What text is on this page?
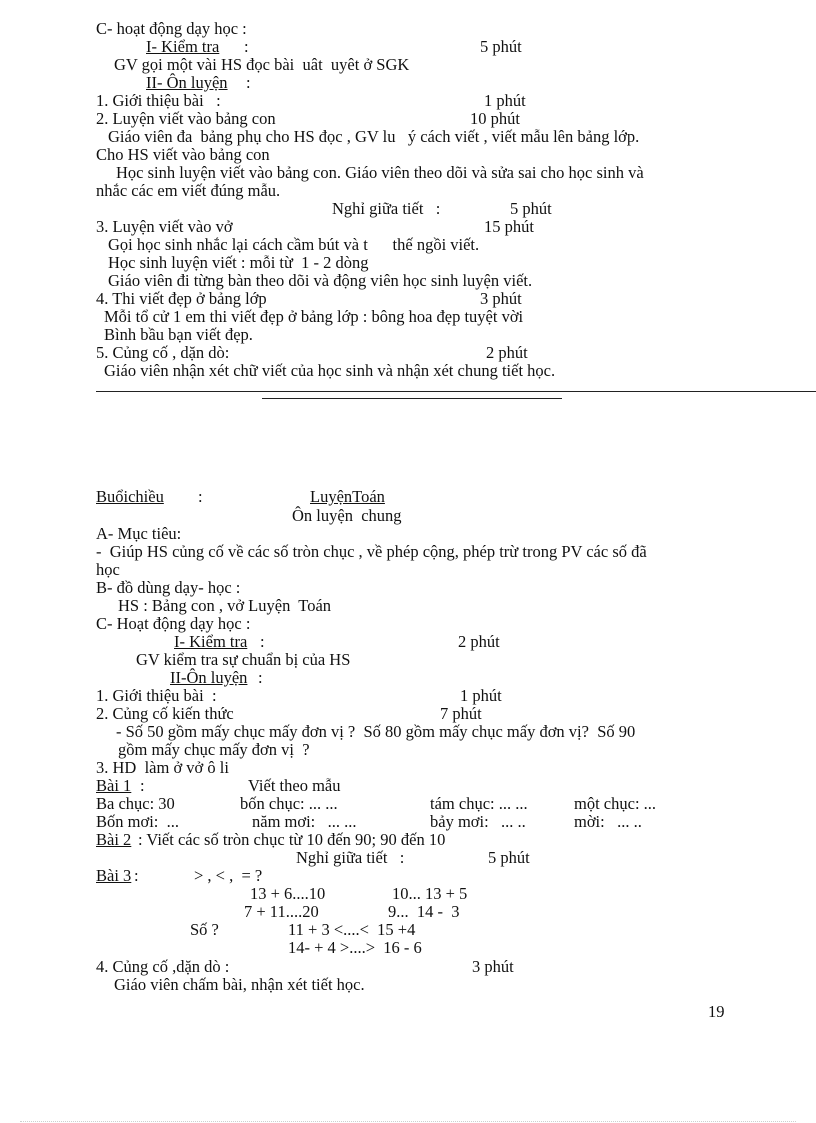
C- hoạt động dạy học :
I- Kiểm tra :	5 phút
GV gọi một vài HS đọc bài  uât  uyêt ở SGK
II- Ôn luyện :
1. Giới thiệu bài   :	1 phút
2. Luyện viết vào bảng con	10 phút
Giáo viên đa  bảng phụ cho HS đọc , GV lu   ý cách viết , viết mẫu lên bảng lớp.
Cho HS viết vào bảng con
Học sinh luyện viết vào bảng con. Giáo viên theo dõi và sửa sai cho học sinh và
nhắc các em viết đúng mẫu.
Nghỉ giữa tiết   :	5 phút
3. Luyện viết vào vở	15 phút
Gọi học sinh nhắc lại cách cầm bút và t      thế ngồi viết.
Học sinh luyện viết : mỗi từ  1 - 2 dòng
Giáo viên đi từng bàn theo dõi và động viên học sinh luyện viết.
4. Thi viết đẹp ở bảng lớp	3 phút
Mỗi tổ cử 1 em thi viết đẹp ở bảng lớp : bông hoa đẹp tuyệt vời
Bình bầu bạn viết đẹp.
5. Củng cố , dặn dò:	2 phút
Giáo viên nhận xét chữ viết của học sinh và nhận xét chung tiết học.
Buổichiều :	LuyệnToán
Ôn luyện  chung
A- Mục tiêu:
-  Giúp HS củng cố về các số tròn chục , về phép cộng, phép trừ trong PV các số đã
học
B- đồ dùng dạy- học :
HS : Bảng con , vở Luyện  Toán
C- Hoạt động dạy học :
I- Kiểm tra :	2 phút
GV kiểm tra sự chuẩn bị của HS
II-Ôn luyện :
1. Giới thiệu bài  :	1 phút
2. Củng cố kiến thức	7 phút
- Số 50 gồm mấy chục mấy đơn vị ?  Số 80 gồm mấy chục mấy đơn vị?  Số 90
gồm mấy chục mấy đơn vị  ?
3. HD  làm ở vở ô li
Bài 1 :	Viết theo mẫu
Ba chục: 30	bốn chục: ... ...	tám chục: ... ...	một chục: ...
Bốn mơi:  ...	năm mơi:   ... ...	bảy mơi:   ... ..	mời:   ... ..
Bài 2 : Viết các số tròn chục từ 10 đến 90; 90 đến 10
Nghỉ giữa tiết   :	5 phút
Bài 3 :	> , < ,  = ?
13 + 6....10	10... 13 + 5
7 + 11....20	9...  14 -  3
Số ?	11 + 3 <....<  15 +4
14- + 4 >....>  16 - 6
4. Củng cố ,dặn dò :	3 phút
Giáo viên chấm bài, nhận xét tiết học.
19
